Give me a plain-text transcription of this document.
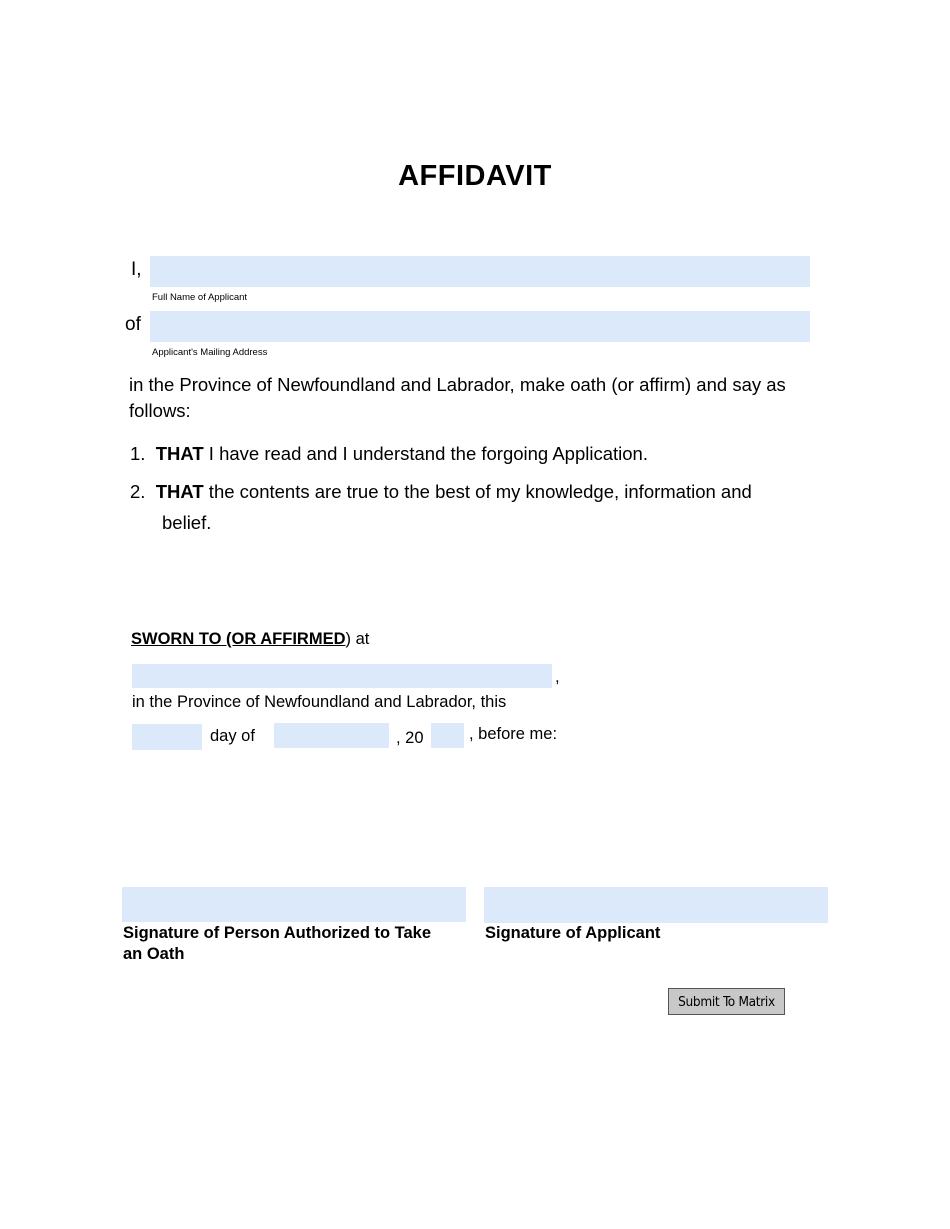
AFFIDAVIT
I,
Full Name of Applicant
of
Applicant's Mailing Address
in the Province of Newfoundland and Labrador, make oath (or affirm) and say as
follows:
1. THAT I have read and I understand the forgoing Application.
2. THAT the contents are true to the best of my knowledge, information and
belief.
SWORN TO (OR AFFIRMED) at
,
in the Province of Newfoundland and Labrador, this
day of	, 20	, before me:
Signature of Person Authorized to Take
an Oath
Signature of Applicant
Submit To Matrix
